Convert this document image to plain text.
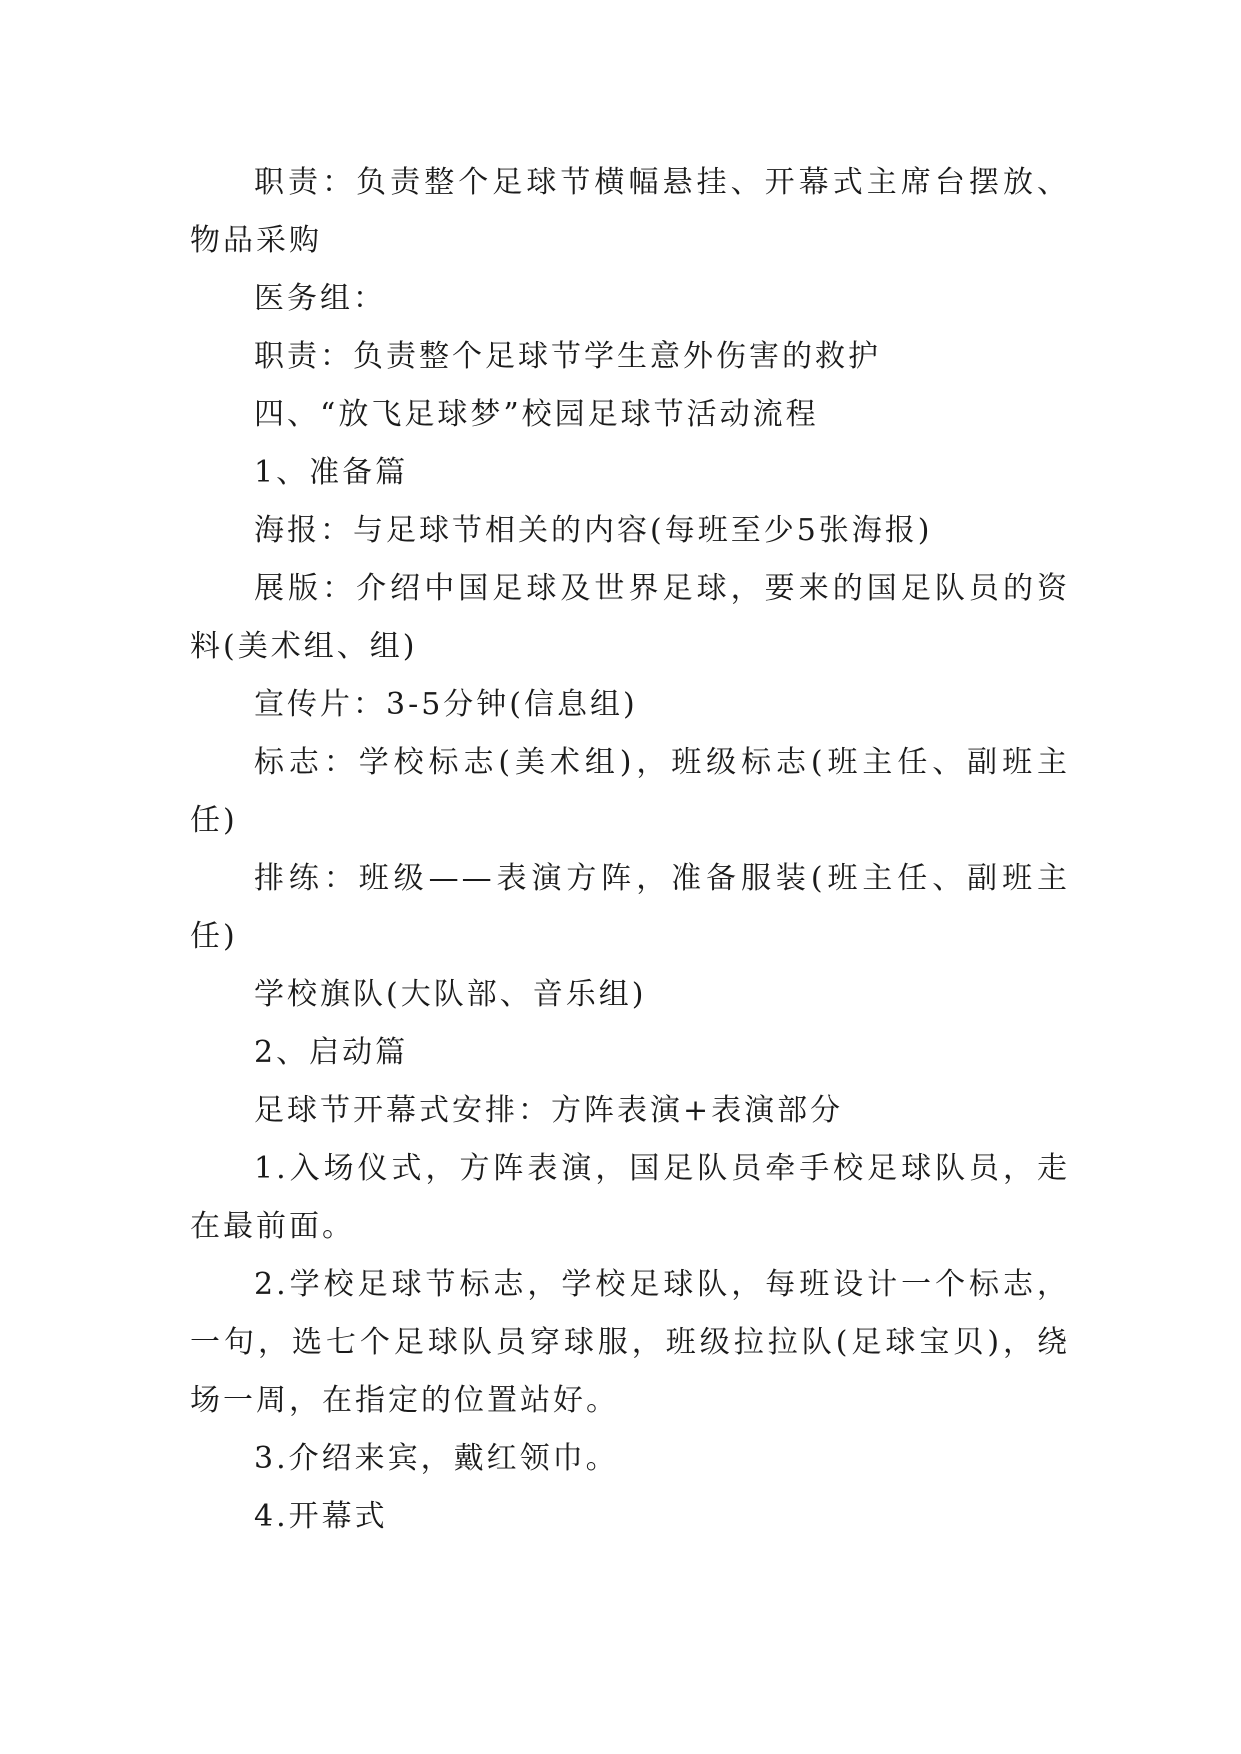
职责：负责整个足球节横幅悬挂、开幕式主席台摆放、物品采购

医务组：

职责：负责整个足球节学生意外伤害的救护

四、“放飞足球梦”校园足球节活动流程

1、准备篇

海报：与足球节相关的内容(每班至少5张海报)

展版：介绍中国足球及世界足球，要来的国足队员的资料(美术组、组)

宣传片：3-5分钟(信息组)

标志：学校标志(美术组)，班级标志(班主任、副班主任)

排练：班级——表演方阵，准备服装(班主任、副班主任)

学校旗队(大队部、音乐组)

2、启动篇

足球节开幕式安排：方阵表演+表演部分

1.入场仪式，方阵表演，国足队员牵手校足球队员，走在最前面。

2.学校足球节标志，学校足球队，每班设计一个标志，一句，选七个足球队员穿球服，班级拉拉队(足球宝贝)，绕场一周，在指定的位置站好。

3.介绍来宾，戴红领巾。

4.开幕式
